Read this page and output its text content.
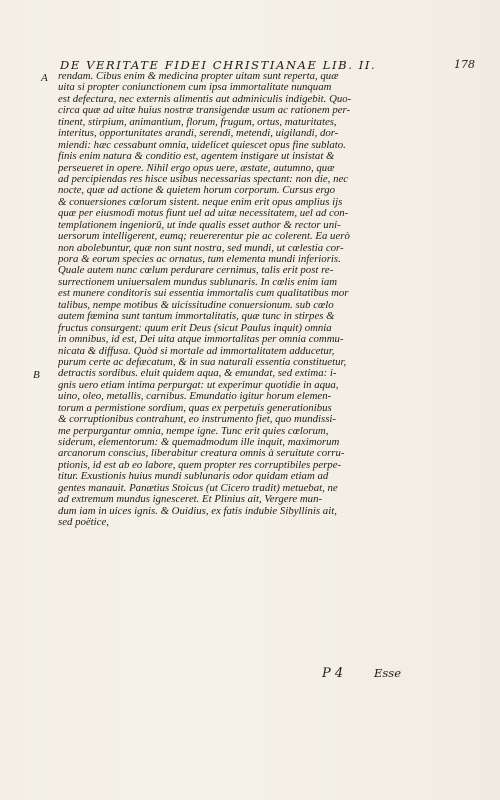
DE VERITATE FIDEI CHRISTIANAE LIB. II.	178
A
B
rendam. Cibus enim & medicina propter uitam sunt reperta, quæ
uita si propter coniunctionem cum ipsa immortalitate nunquam
est defectura, nec externis alimentis aut adminiculis indigebit. Quo-
circa quæ ad uitæ huius nostræ transigendæ usum ac rationem per-
tinent, stirpium, animantium, florum, frugum, ortus, maturitates,
interitus, opportunitates arandi, serendi, metendi, uigilandi, dor-
miendi: hæc cessabunt omnia, uidelicet quiescet opus fine sublato.
finis enim natura & conditio est, agentem instigare ut insistat &
perseueret in opere. Nihil ergo opus uere, æstate, autumno, quæ
ad percipiendas res hisce usibus necessarias spectant: non die, nec
nocte, quæ ad actione & quietem horum corporum. Cursus ergo
& conuersiones cœlorum sistent. neque enim erit opus amplius ijs
quæ per eiusmodi motus fiunt uel ad uitæ necessitatem, uel ad con-
templationem ingeniorū, ut inde qualis esset author & rector uni-
uersorum intelligerent, eumq; reuererentur pie ac colerent. Ea uerò
non abolebuntur, quæ non sunt nostra, sed mundi, ut cœlestia cor-
pora & eorum species ac ornatus, tum elementa mundi inferioris.
Quale autem nunc cœlum perdurare cernimus, talis erit post re-
surrectionem uniuersalem mundus sublunaris. In cœlis enim iam
est munere conditoris sui essentia immortalis cum qualitatibus mor
talibus, nempe motibus & uicissitudine conuersionum. sub cœlo
autem fœmina sunt tantum immortalitatis, quæ tunc in stirpes &
fructus consurgent: quum erit Deus (sicut Paulus inquit) omnia
in omnibus, id est, Dei uita atque immortalitas per omnia commu-
nicata & diffusa. Quòd si mortale ad immortalitatem adducetur,
purum certe ac defæcatum, & in sua naturali essentia constituetur,
detractis sordibus. eluit quidem aqua, & emundat, sed extima: i-
gnis uero etiam intima perpurgat: ut experimur quotidie in aqua,
uino, oleo, metallis, carnibus. Emundatio igitur horum elemen-
torum a permistione sordium, quas ex perpetuis generationibus
& corruptionibus contrahunt, eo instrumento fiet, quo mundissi-
me perpurgantur omnia, nempe igne. Tunc erit quies cœlorum,
siderum, elementorum: & quemadmodum ille inquit, maximorum
arcanorum conscius, liberabitur creatura omnis à seruitute corru-
ptionis, id est ab eo labore, quem propter res corruptibiles perpe-
titur. Exustionis huius mundi sublunaris odor quidam etiam ad
gentes manauit. Panætius Stoicus (ut Cicero tradit) metuebat, ne
ad extremum mundus ignesceret. Et Plinius ait, Vergere mun-
dum iam in uices ignis. & Ouidius, ex fatis indubie Sibyllinis ait,
sed poëtice,
P 4	Esse
